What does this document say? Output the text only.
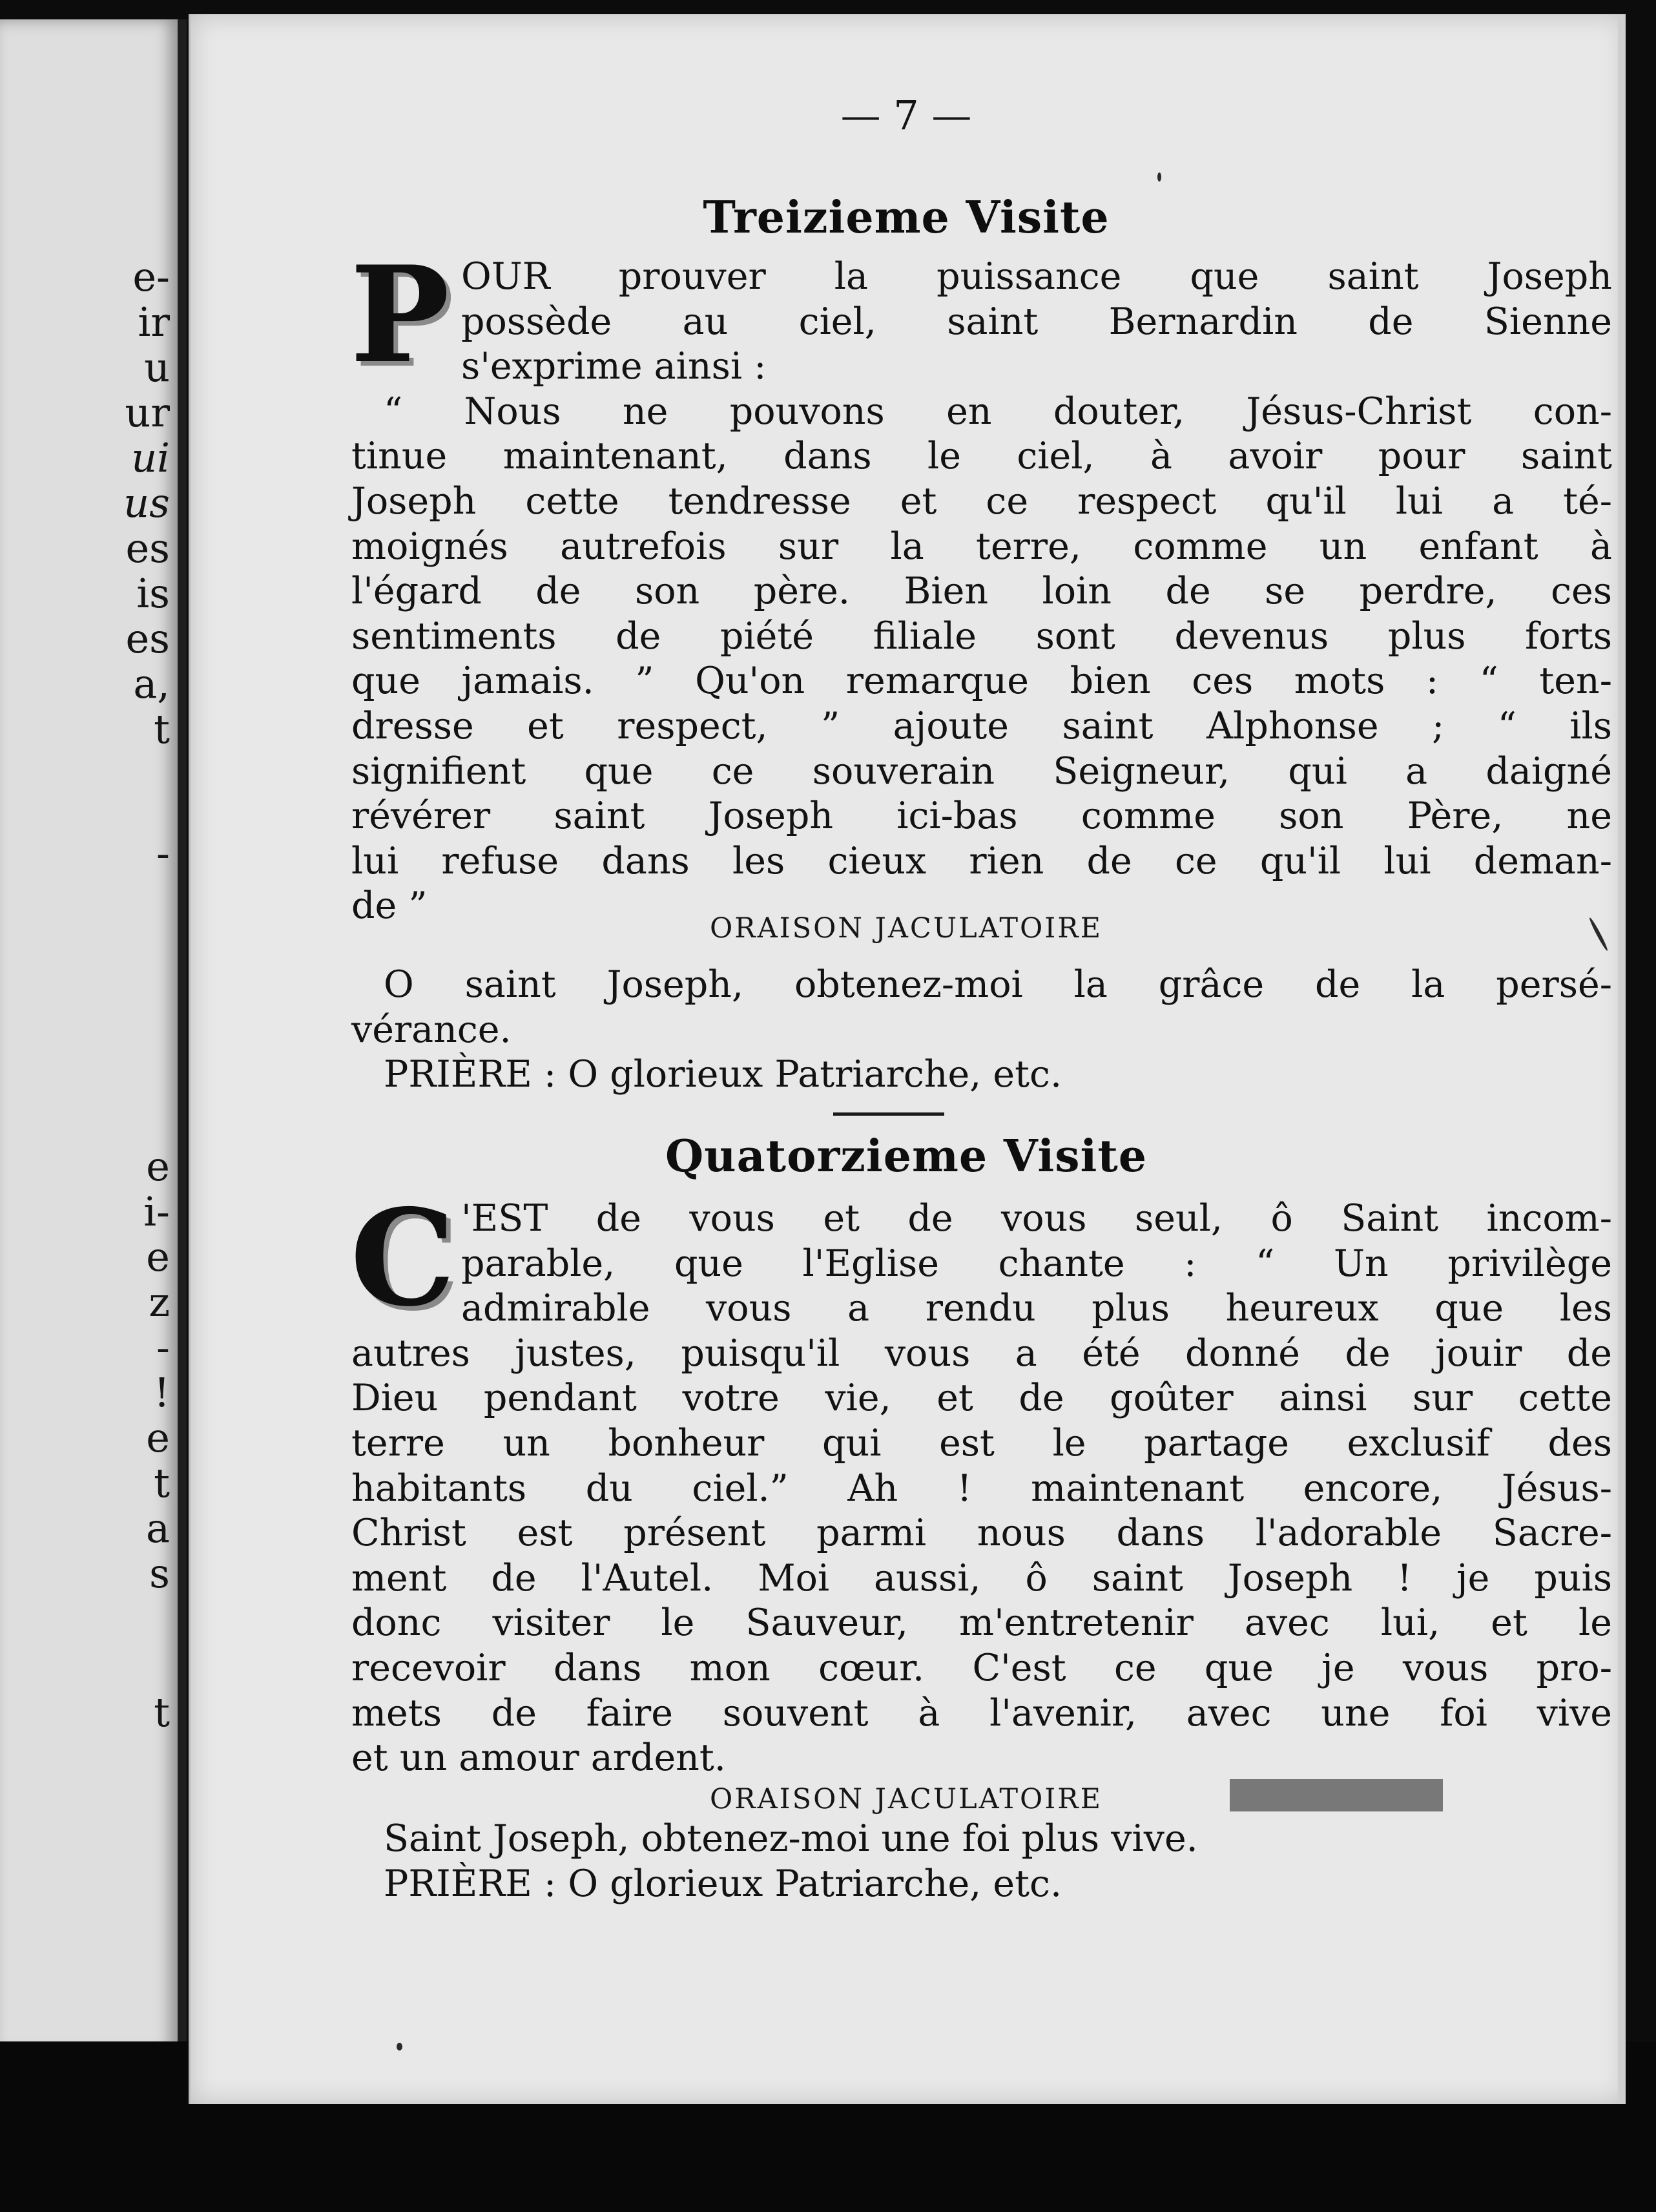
e-
ir
u
ur
ui
us
es
is
es
a,
t
-
e
i-
e
z
-
!
e
t
a
s
t
— 7 —
Treizieme Visite
P OUR prouver la puissance que saint Joseph
possède au ciel, saint Bernardin de Sienne
s'exprime ainsi :
“ Nous ne pouvons en douter, Jésus-Christ con-
tinue maintenant, dans le ciel, à avoir pour saint
Joseph cette tendresse et ce respect qu'il lui a té-
moignés autrefois sur la terre, comme un enfant à
l'égard de son père. Bien loin de se perdre, ces
sentiments de piété filiale sont devenus plus forts
que jamais. ” Qu'on remarque bien ces mots : “ ten-
dresse et respect, ” ajoute saint Alphonse ; “ ils
signifient que ce souverain Seigneur, qui a daigné
révérer saint Joseph ici-bas comme son Père, ne
lui refuse dans les cieux rien de ce qu'il lui deman-
de ”
ORAISON JACULATOIRE
O saint Joseph, obtenez-moi la grâce de la persé-
vérance.
PRIÈRE : O glorieux Patriarche, etc.
Quatorzieme Visite
C 'EST de vous et de vous seul, ô Saint incom-
parable, que l'Eglise chante : “ Un privilège
admirable vous a rendu plus heureux que les
autres justes, puisqu'il vous a été donné de jouir de
Dieu pendant votre vie, et de goûter ainsi sur cette
terre un bonheur qui est le partage exclusif des
habitants du ciel.” Ah ! maintenant encore, Jésus-
Christ est présent parmi nous dans l'adorable Sacre-
ment de l'Autel. Moi aussi, ô saint Joseph ! je puis
donc visiter le Sauveur, m'entretenir avec lui, et le
recevoir dans mon cœur. C'est ce que je vous pro-
mets de faire souvent à l'avenir, avec une foi vive
et un amour ardent.
ORAISON JACULATOIRE
Saint Joseph, obtenez-moi une foi plus vive.
PRIÈRE : O glorieux Patriarche, etc.
